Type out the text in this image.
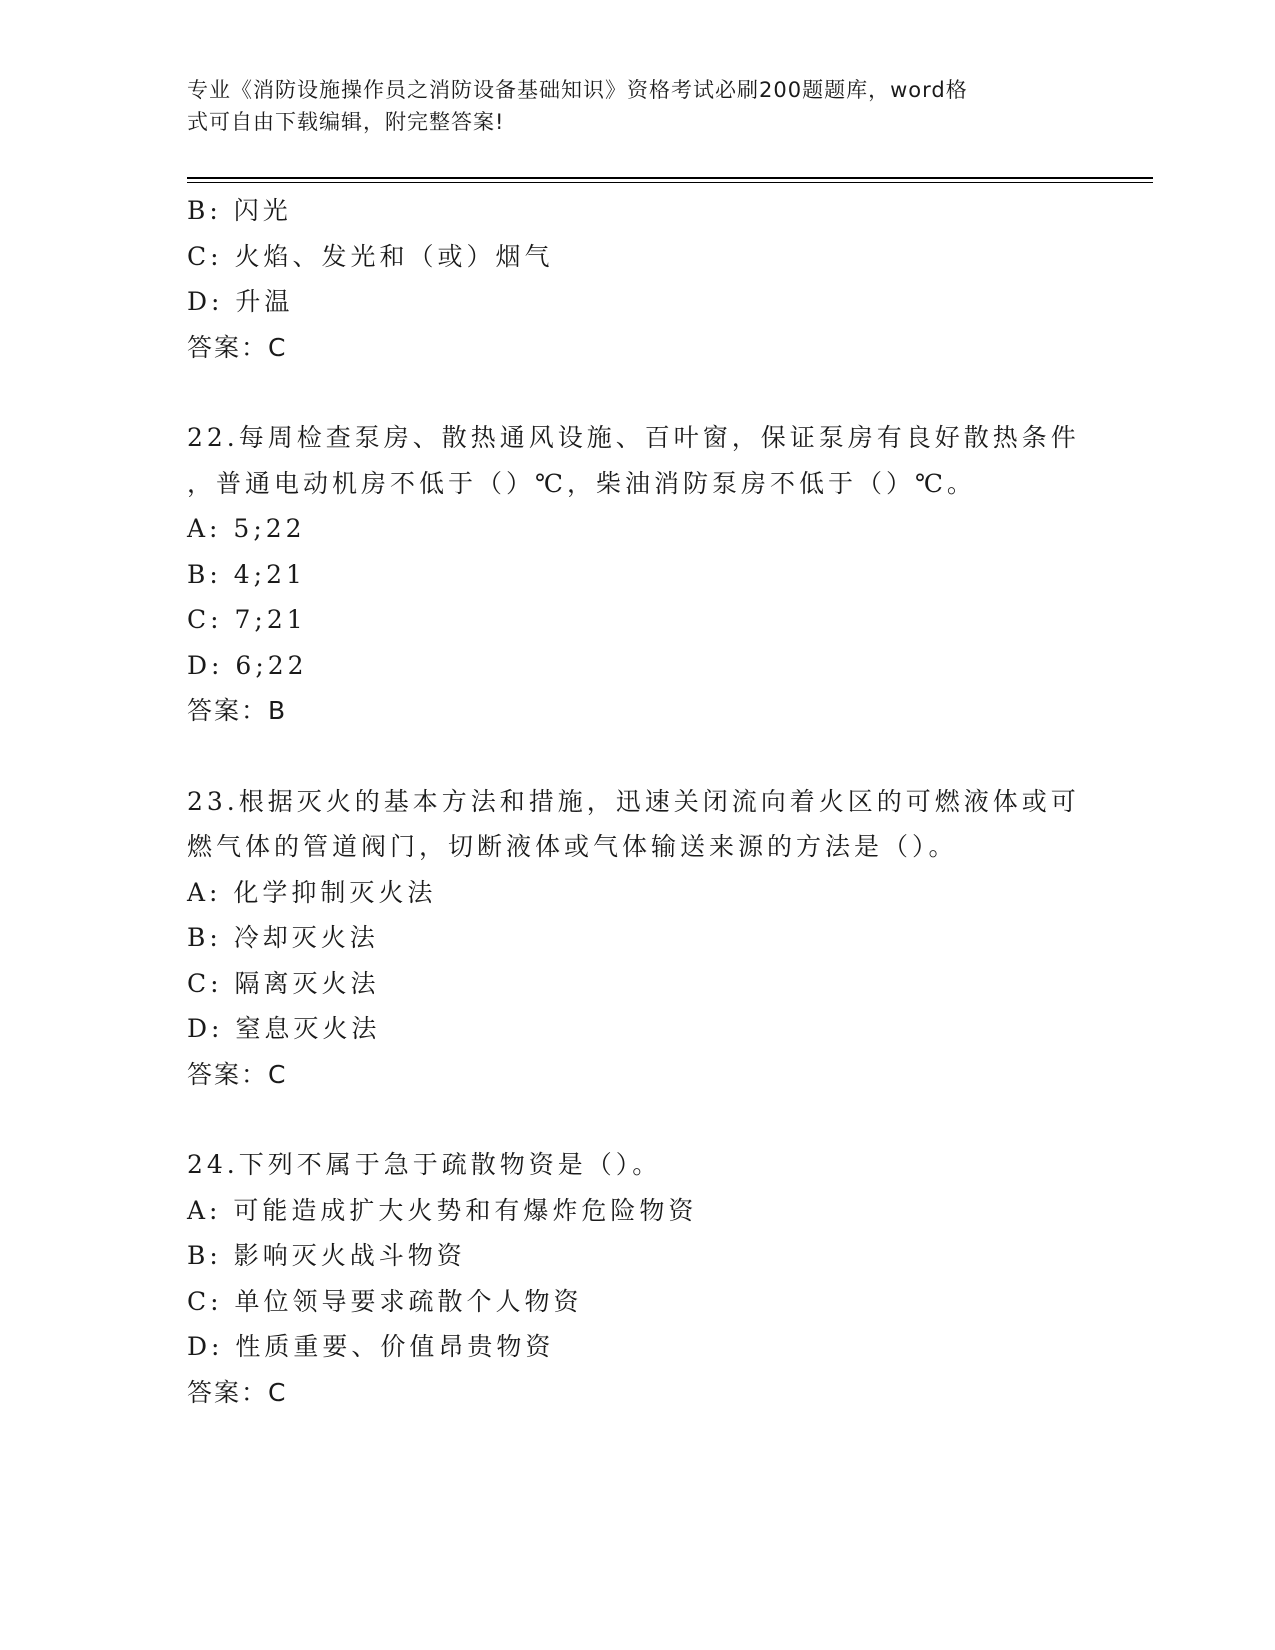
专业《消防设施操作员之消防设备基础知识》资格考试必刷200题题库，word格
式可自由下载编辑，附完整答案!
B: 闪光
C: 火焰、发光和（或）烟气
D: 升温
答案：C
22.每周检查泵房、散热通风设施、百叶窗，保证泵房有良好散热条件
，普通电动机房不低于（）℃，柴油消防泵房不低于（）℃。
A: 5;22
B: 4;21
C: 7;21
D: 6;22
答案：B
23.根据灭火的基本方法和措施，迅速关闭流向着火区的可燃液体或可
燃气体的管道阀门，切断液体或气体输送来源的方法是（）。
A: 化学抑制灭火法
B: 冷却灭火法
C: 隔离灭火法
D: 窒息灭火法
答案：C
24.下列不属于急于疏散物资是（）。
A: 可能造成扩大火势和有爆炸危险物资
B: 影响灭火战斗物资
C: 单位领导要求疏散个人物资
D: 性质重要、价值昂贵物资
答案：C
